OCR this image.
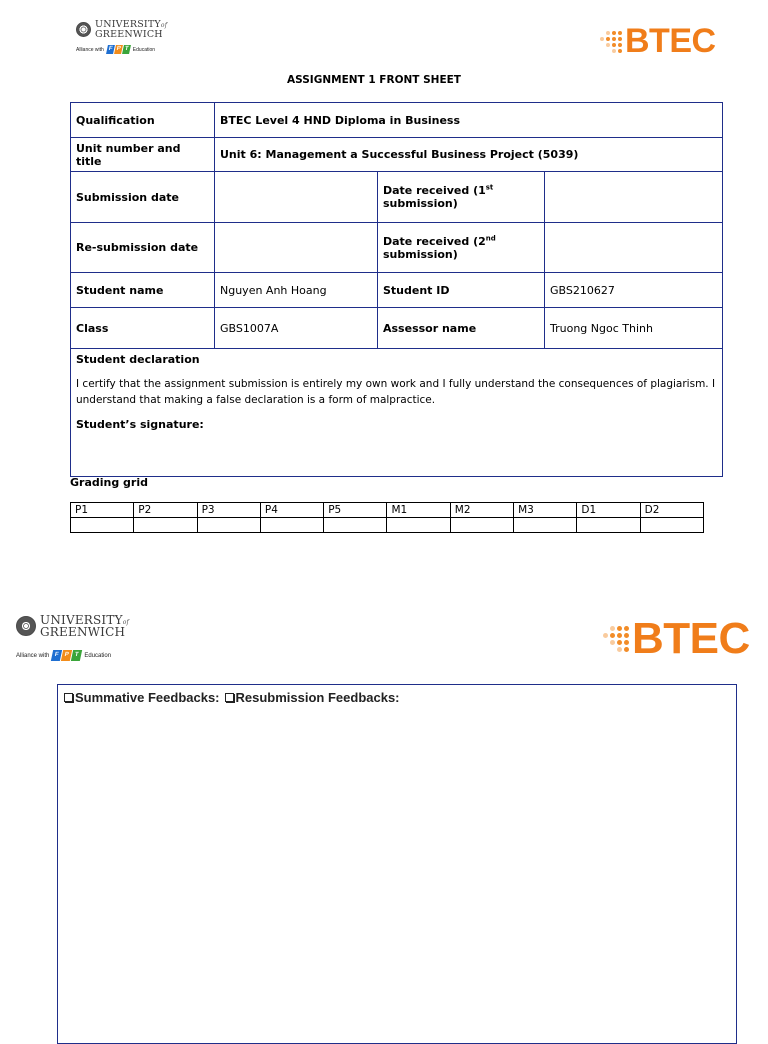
UNIVERSITYof
GREENWICH
Alliance with F P T Education	BTEC
ASSIGNMENT 1 FRONT SHEET
Qualification	BTEC Level 4 HND Diploma in Business		
Unit number and title	Unit 6: Management a Successful Business Project (5039)		
Submission date		Date received (1st
submission)	
Re-submission date		Date received (2nd
submission)	
Student name	Nguyen Anh Hoang	Student ID	GBS210627
Class	GBS1007A	Assessor name	Truong Ngoc Thinh

Student declaration
I certify that the assignment submission is entirely my own work and I fully understand the consequences of plagiarism. I understand that making a false declaration is a form of malpractice.
Student’s signature:			
Grading grid
P1	P2	P3	P4	P5	M1	M2	M3	D1	D2

UNIVERSITYof
GREENWICH
Alliance with F P T Education	BTEC
Summative Feedbacks: Resubmission Feedbacks:
